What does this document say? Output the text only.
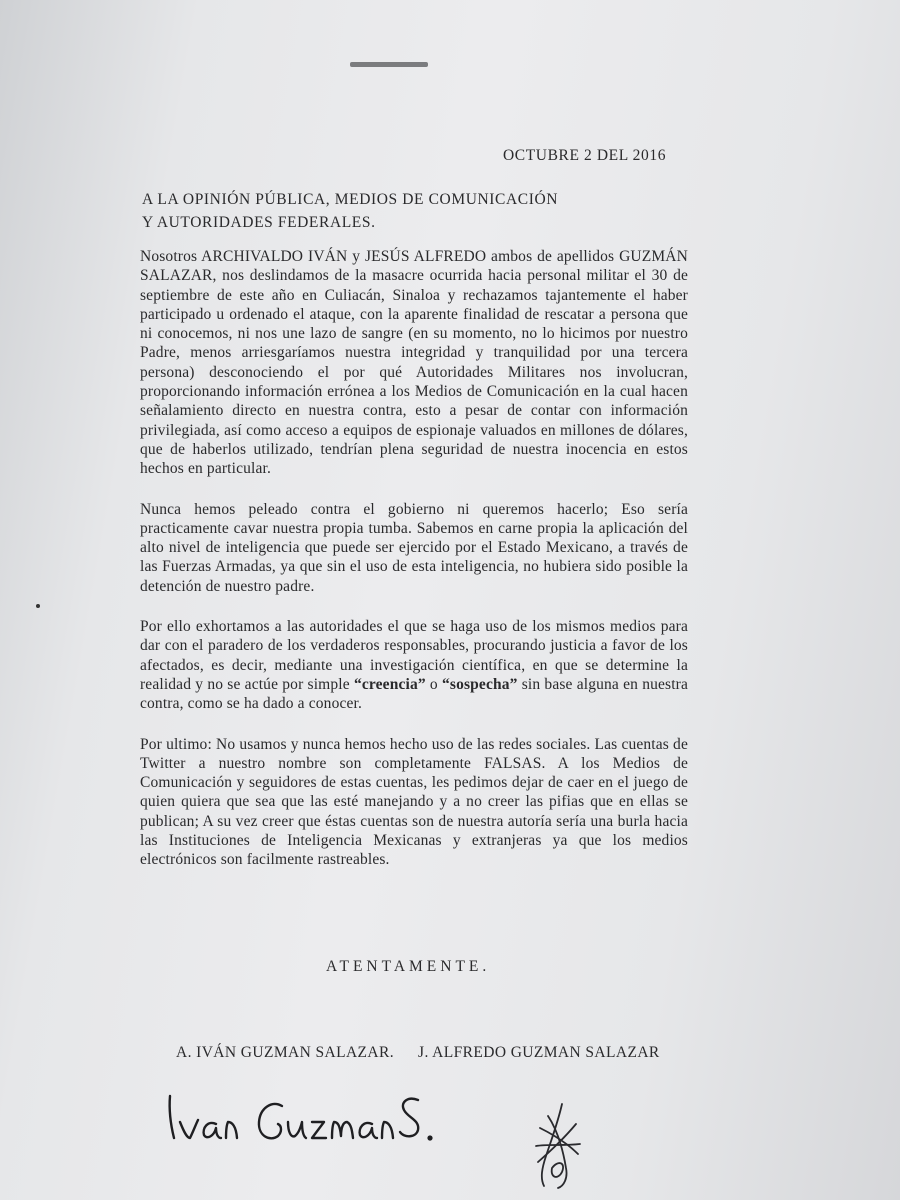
OCTUBRE 2 DEL 2016
A LA OPINIÓN PÚBLICA, MEDIOS DE COMUNICACIÓN
Y AUTORIDADES FEDERALES.

Nosotros ARCHIVALDO IVÁN y JESÚS ALFREDO ambos de apellidos GUZMÁN SALAZAR, nos deslindamos de la masacre ocurrida hacia personal militar el 30 de septiembre de este año en Culiacán, Sinaloa y rechazamos tajantemente el haber participado u ordenado el ataque, con la aparente finalidad de rescatar a persona que ni conocemos, ni nos une lazo de sangre (en su momento, no lo hicimos por nuestro Padre, menos arriesgaríamos nuestra integridad y tranquilidad por una tercera persona) desconociendo el por qué Autoridades Militares nos involucran, proporcionando información errónea a los Medios de Comunicación en la cual hacen señalamiento directo en nuestra contra, esto a pesar de contar con información privilegiada, así como acceso a equipos de espionaje valuados en millones de dólares, que de haberlos utilizado, tendrían plena seguridad de nuestra inocencia en estos hechos en particular.

Nunca hemos peleado contra el gobierno ni queremos hacerlo; Eso sería practicamente cavar nuestra propia tumba. Sabemos en carne propia la aplicación del alto nivel de inteligencia que puede ser ejercido por el Estado Mexicano, a través de las Fuerzas Armadas, ya que sin el uso de esta inteligencia, no hubiera sido posible la detención de nuestro padre.

Por ello exhortamos a las autoridades el que se haga uso de los mismos medios para dar con el paradero de los verdaderos responsables, procurando justicia a favor de los afectados, es decir, mediante una investigación científica, en que se determine la realidad y no se actúe por simple “creencia” o “sospecha” sin base alguna en nuestra contra, como se ha dado a conocer.

Por ultimo: No usamos y nunca hemos hecho uso de las redes sociales. Las cuentas de Twitter a nuestro nombre son completamente FALSAS. A los Medios de Comunicación y seguidores de estas cuentas, les pedimos dejar de caer en el juego de quien quiera que sea que las esté manejando y a no creer las pifias que en ellas se publican; A su vez creer que éstas cuentas son de nuestra autoría sería una burla hacia las Instituciones de Inteligencia Mexicanas y extranjeras ya que los medios electrónicos son facilmente rastreables.

ATENTAMENTE.
A. IVÁN GUZMAN SALAZAR. J. ALFREDO GUZMAN SALAZAR
